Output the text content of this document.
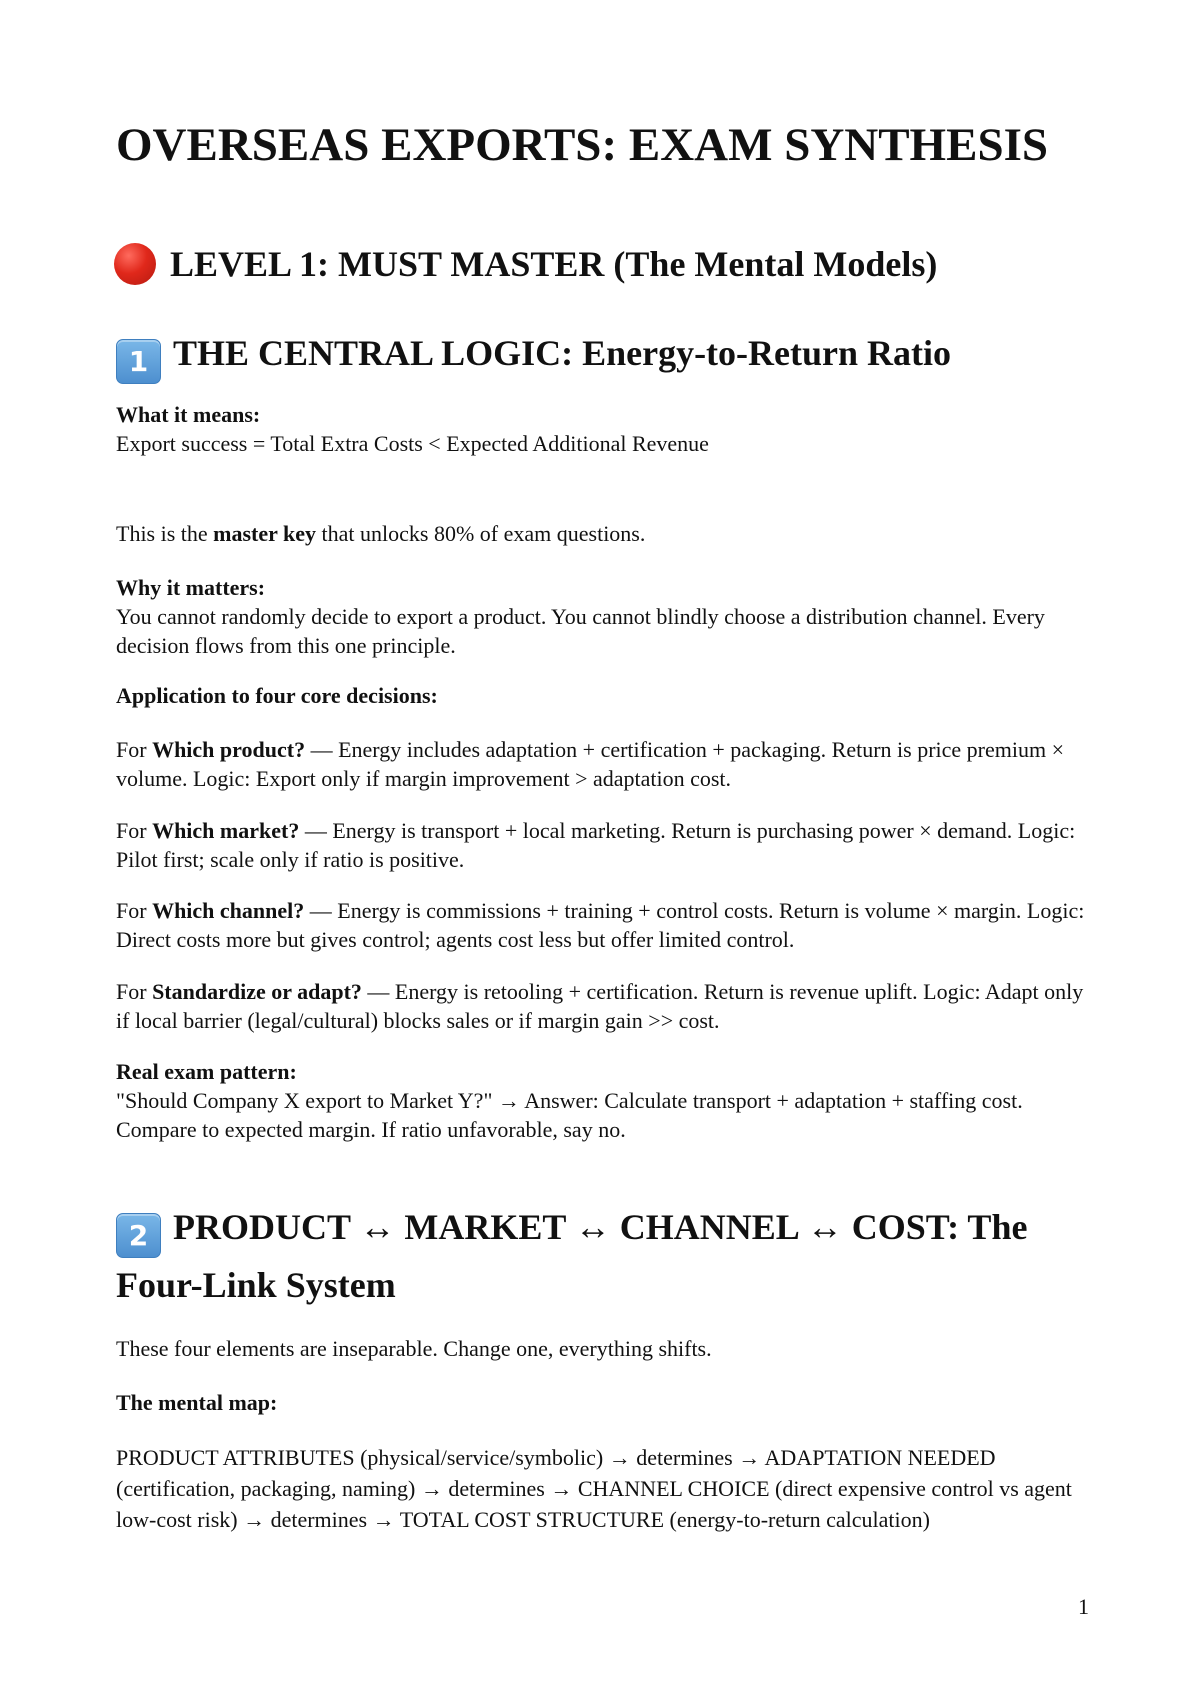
OVERSEAS EXPORTS: EXAM SYNTHESIS
LEVEL 1: MUST MASTER (The Mental Models)
1 THE CENTRAL LOGIC: Energy-to-Return Ratio

What it means:
Export success = Total Extra Costs < Expected Additional Revenue

This is the master key that unlocks 80% of exam questions.

Why it matters:
You cannot randomly decide to export a product. You cannot blindly choose a distribution channel. Every decision flows from this one principle.

Application to four core decisions:

For Which product? — Energy includes adaptation + certification + packaging. Return is price premium × volume. Logic: Export only if margin improvement > adaptation cost.

For Which market? — Energy is transport + local marketing. Return is purchasing power × demand. Logic: Pilot first; scale only if ratio is positive.

For Which channel? — Energy is commissions + training + control costs. Return is volume × margin. Logic: Direct costs more but gives control; agents cost less but offer limited control.

For Standardize or adapt? — Energy is retooling + certification. Return is revenue uplift. Logic: Adapt only if local barrier (legal/cultural) blocks sales or if margin gain >> cost.

Real exam pattern:
"Should Company X export to Market Y?" → Answer: Calculate transport + adaptation + staffing cost. Compare to expected margin. If ratio unfavorable, say no.

2 PRODUCT ↔ MARKET ↔ CHANNEL ↔ COST: The
Four-Link System

These four elements are inseparable. Change one, everything shifts.

The mental map:

PRODUCT ATTRIBUTES (physical/service/symbolic) → determines → ADAPTATION NEEDED (certification, packaging, naming) → determines → CHANNEL CHOICE (direct expensive control vs agent low-cost risk) → determines → TOTAL COST STRUCTURE (energy-to-return calculation)

1
